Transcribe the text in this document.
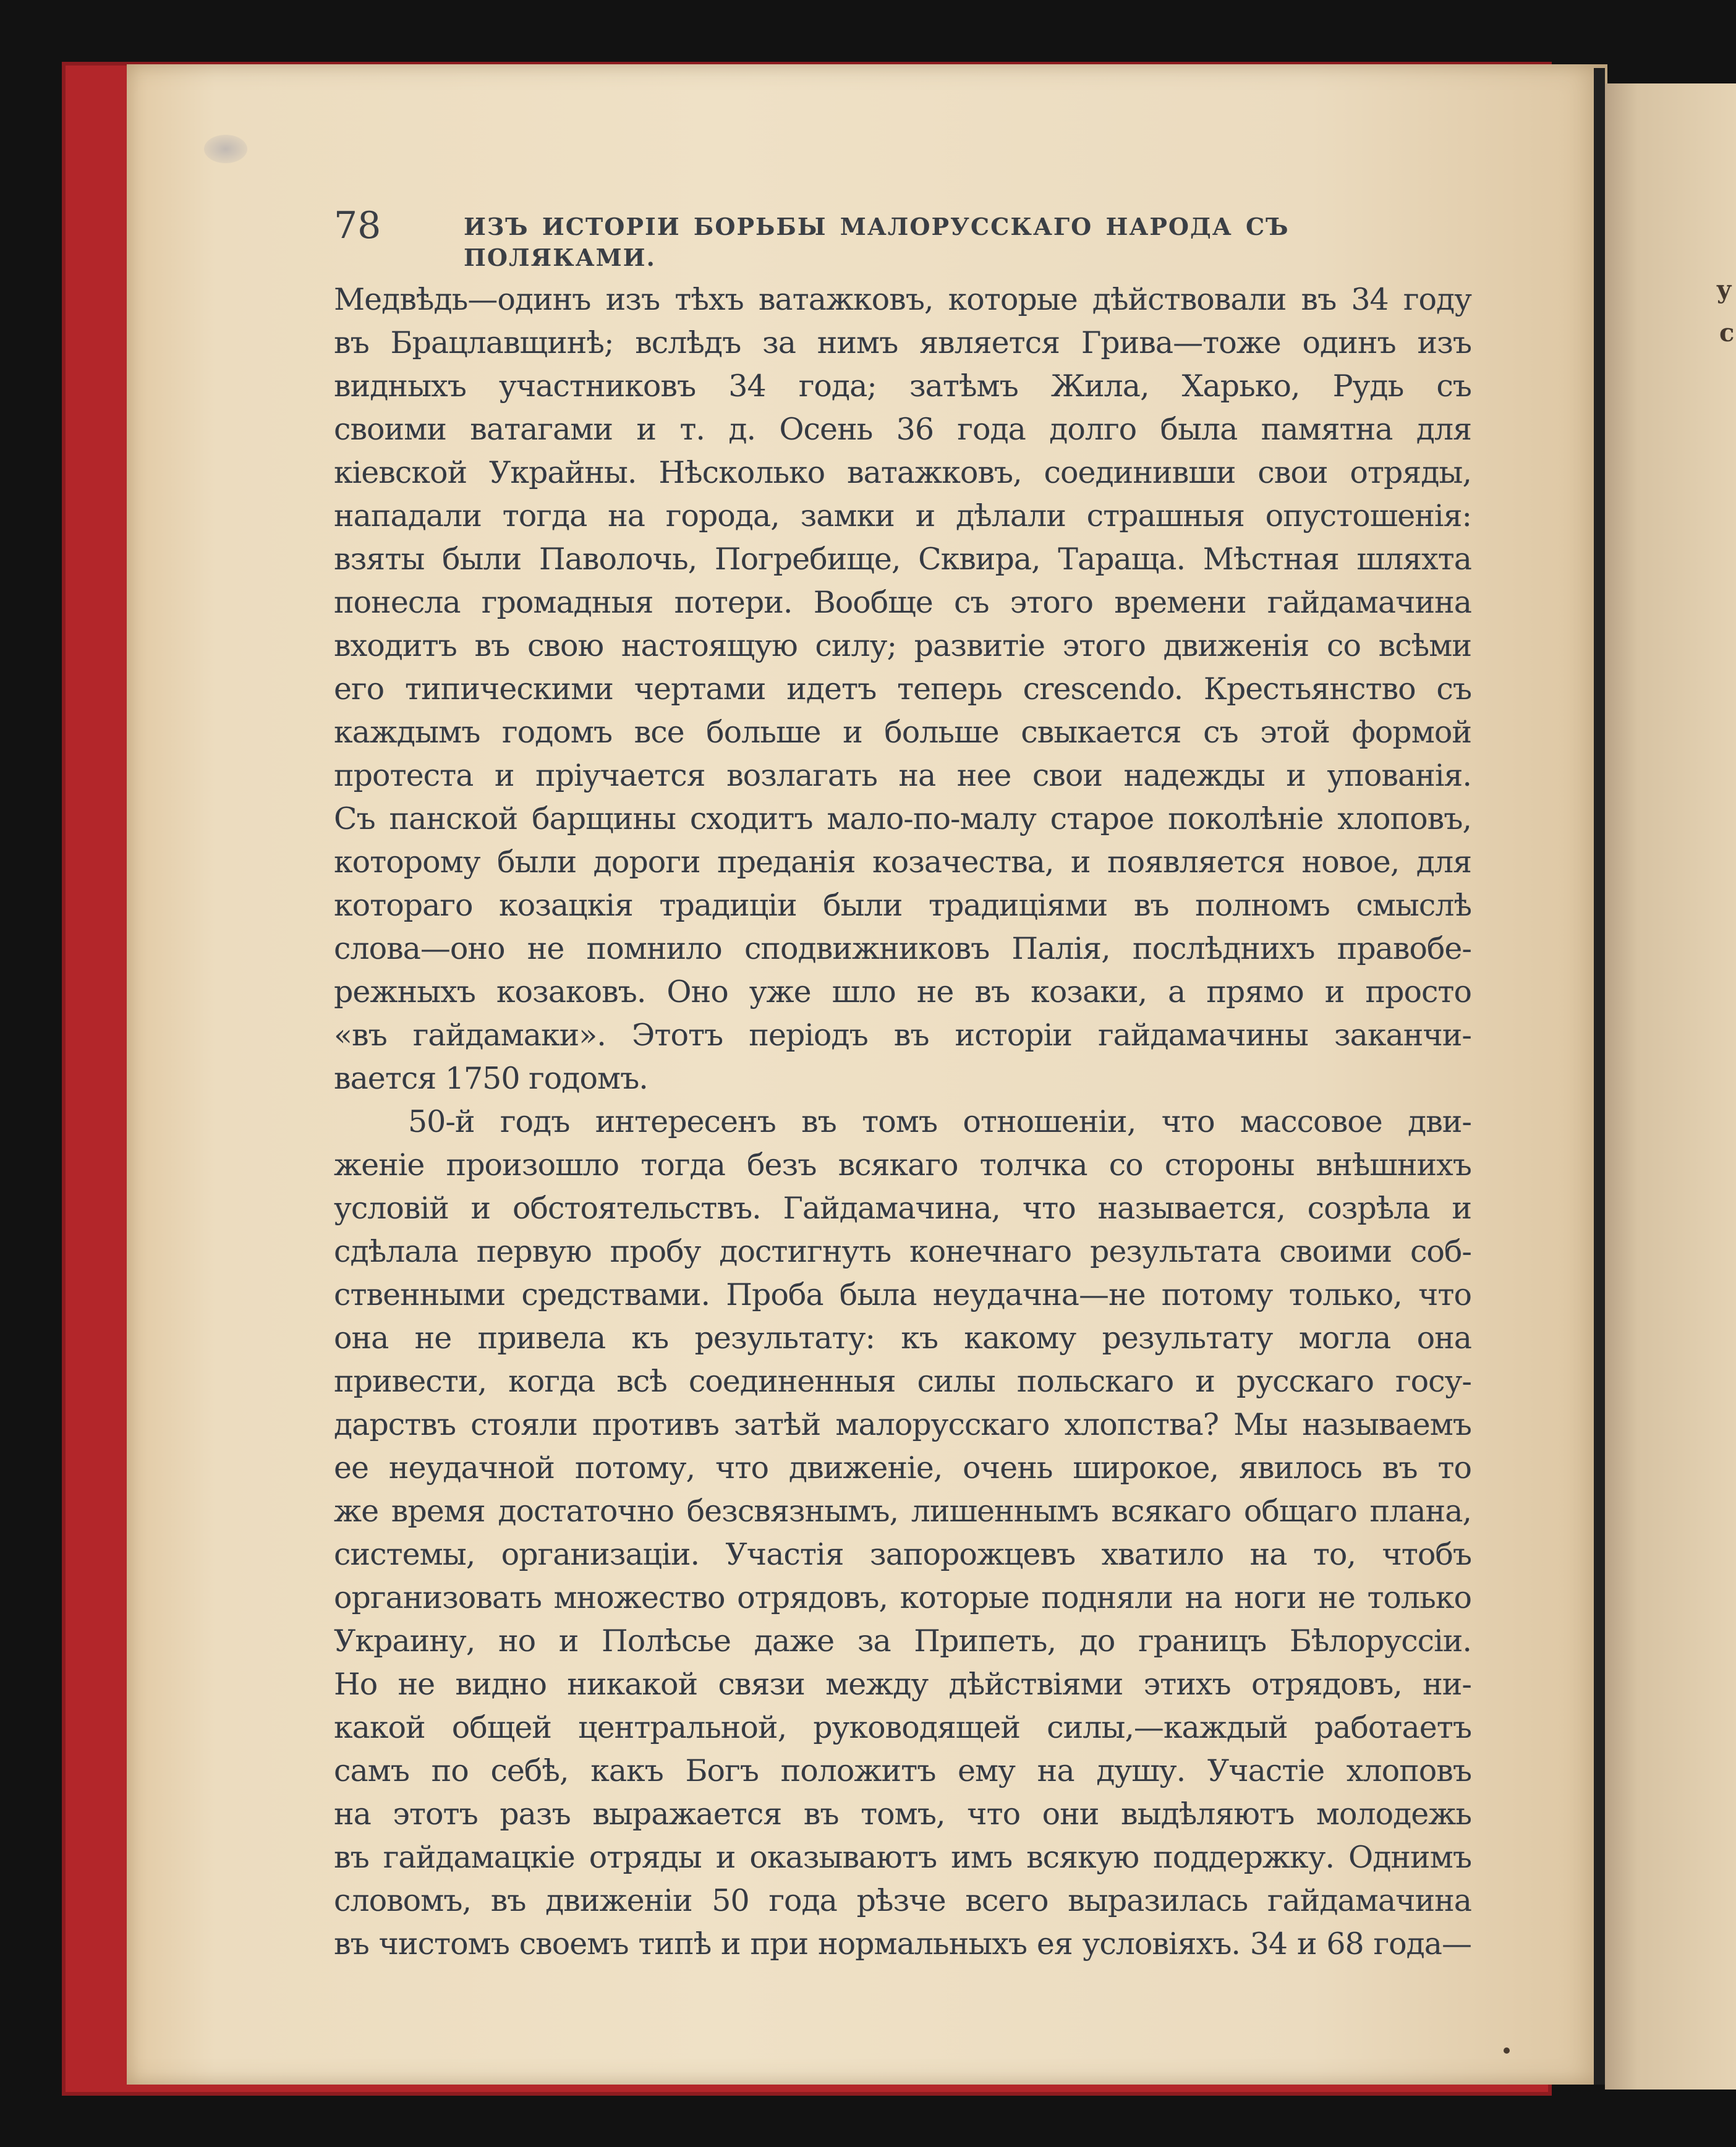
у
с
78	ИЗЪ ИСТОРІИ БОРЬБЫ МАЛОРУССКАГО НАРОДА СЪ ПОЛЯКАМИ.
Медвѣдь—одинъ изъ тѣхъ ватажковъ, которые дѣйствовали въ 34 году
въ Брацлавщинѣ; вслѣдъ за нимъ является Грива—тоже одинъ изъ
видныхъ участниковъ 34 года; затѣмъ Жила, Харько, Рудь съ
своими ватагами и т. д. Осень 36 года долго была памятна для
кіевской Украйны. Нѣсколько ватажковъ, соединивши свои отряды,
нападали тогда на города, замки и дѣлали страшныя опустошенія:
взяты были Паволочь, Погребище, Сквира, Таращa. Мѣстная шляхта
понесла громадныя потери. Вообще съ этого времени гайдамачина
входитъ въ свою настоящую силу; развитіе этого движенія со всѣми
его типическими чертами идетъ теперь crescendo. Крестьянство съ
каждымъ годомъ все больше и больше свыкается съ этой формой
протеста и пріучается возлагать на нее свои надежды и упованія.
Съ панской барщины сходитъ мало-по-малу старое поколѣніе хлоповъ,
которому были дороги преданія козачества, и появляется новое, для
котораго козацкія традиціи были традиціями въ полномъ смыслѣ
слова—оно не помнило сподвижниковъ Палія, послѣднихъ правобе-
режныхъ козаковъ. Оно уже шло не въ козаки, а прямо и просто
«въ гайдамаки». Этотъ періодъ въ исторіи гайдамачины заканчи-
вается 1750 годомъ.
50-й годъ интересенъ въ томъ отношеніи, что массовое дви-
женіе произошло тогда безъ всякаго толчка со стороны внѣшнихъ
условій и обстоятельствъ. Гайдамачина, что называется, созрѣла и
сдѣлала первую пробу достигнуть конечнаго результата своими соб-
ственными средствами. Проба была неудачна—не потому только, что
она не привела къ результату: къ какому результату могла она
привести, когда всѣ соединенныя силы польскаго и русскаго госу-
дарствъ стояли противъ затѣй малорусскаго хлопства? Мы называемъ
ее неудачной потому, что движеніе, очень широкое, явилось въ то
же время достаточно безсвязнымъ, лишеннымъ всякаго общаго плана,
системы, организаціи. Участія запорожцевъ хватило на то, чтобъ
организовать множество отрядовъ, которые подняли на ноги не только
Украину, но и Полѣсье даже за Припеть, до границъ Бѣлоруссіи.
Но не видно никакой связи между дѣйствіями этихъ отрядовъ, ни-
какой общей центральной, руководящей силы,—каждый работаетъ
самъ по себѣ, какъ Богъ положитъ ему на душу. Участіе хлоповъ
на этотъ разъ выражается въ томъ, что они выдѣляютъ молодежь
въ гайдамацкіе отряды и оказываютъ имъ всякую поддержку. Однимъ
словомъ, въ движеніи 50 года рѣзче всего выразилась гайдамачина
въ чистомъ своемъ типѣ и при нормальныхъ ея условіяхъ. 34 и 68 года—
